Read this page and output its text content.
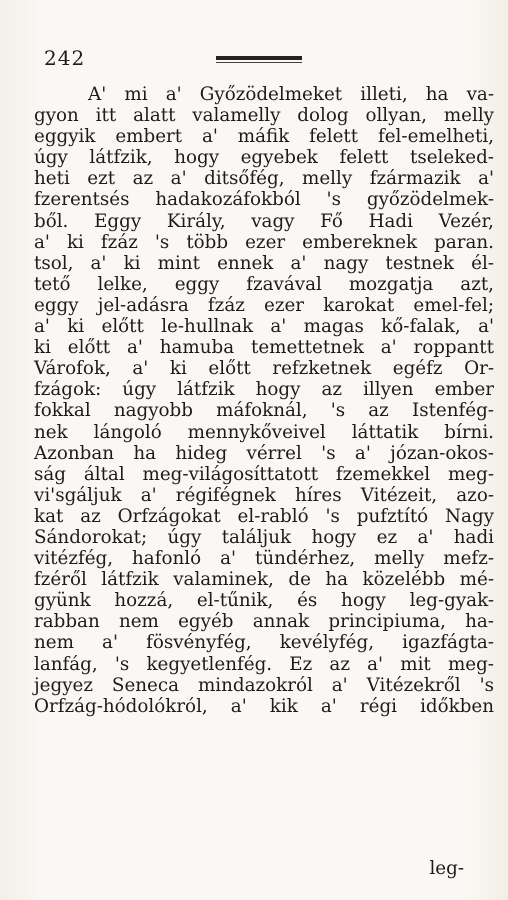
242
A' mi a' Győzödelmeket illeti, ha va-
gyon itt alatt valamelly dolog ollyan, melly
eggyik embert a' máfik felett fel-emelheti,
úgy látfzik, hogy egyebek felett tseleked-
heti ezt az a' ditsőfég, melly fzármazik a'
fzerentsés hadakozáfokból 's győzödelmek-
ből. Eggy Király, vagy Fő Hadi Vezér,
a' ki fzáz 's több ezer embereknek paran.
tsol, a' ki mint ennek a' nagy testnek él-
tető lelke, eggy fzavával mozgatja azt,
eggy jel-adásra fzáz ezer karokat emel-fel;
a' ki előtt le-hullnak a' magas kő-falak, a'
ki előtt a' hamuba temettetnek a' roppantt
Várofok, a' ki előtt refzketnek egéfz Or-
fzágok: úgy látfzik hogy az illyen ember
fokkal nagyobb máfoknál, 's az Istenfég-
nek lángoló mennykőveivel láttatik bírni.
Azonban ha hideg vérrel 's a' józan-okos-
ság által meg-világosíttatott fzemekkel meg-
vi'sgáljuk a' régifégnek híres Vitézeit, azo-
kat az Orfzágokat el-rabló 's pufztító Nagy
Sándorokat; úgy találjuk hogy ez a' hadi
vitézfég, hafonló a' tündérhez, melly mefz-
fzéről látfzik valaminek, de ha közelébb mé-
gyünk hozzá, el-tűnik, és hogy leg-gyak-
rabban nem egyéb annak principiuma, ha-
nem a' fösvényfég, kevélyfég, igazfágta-
lanfág, 's kegyetlenfég. Ez az a' mit meg-
jegyez Seneca mindazokról a' Vitézekről 's
Orfzág-hódolókról, a' kik a' régi időkben
leg-
